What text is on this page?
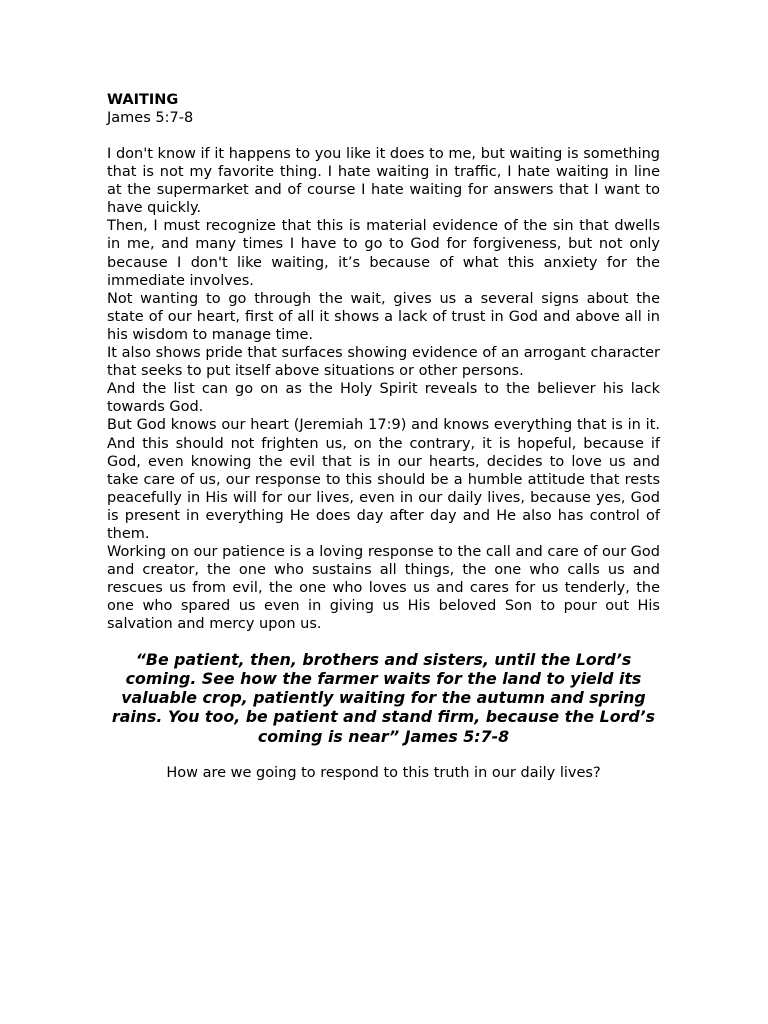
WAITING
James 5:7-8

I don't know if it happens to you like it does to me, but waiting is something that is not my favorite thing. I hate waiting in traffic, I hate waiting in line at the supermarket and of course I hate waiting for answers that I want to have quickly.

Then, I must recognize that this is material evidence of the sin that dwells in me, and many times I have to go to God for forgiveness, but not only because I don't like waiting, it’s because of what this anxiety for the immediate involves.

Not wanting to go through the wait, gives us a several signs about the state of our heart, first of all it shows a lack of trust in God and above all in his wisdom to manage time.

It also shows pride that surfaces showing evidence of an arrogant character that seeks to put itself above situations or other persons.

And the list can go on as the Holy Spirit reveals to the believer his lack towards God.

But God knows our heart (Jeremiah 17:9) and knows everything that is in it. And this should not frighten us, on the contrary, it is hopeful, because if God, even knowing the evil that is in our hearts, decides to love us and take care of us, our response to this should be a humble attitude that rests peacefully in His will for our lives, even in our daily lives, because yes, God is present in everything He does day after day and He also has control of them.

Working on our patience is a loving response to the call and care of our God and creator, the one who sustains all things, the one who calls us and rescues us from evil, the one who loves us and cares for us tenderly, the one who spared us even in giving us His beloved Son to pour out His salvation and mercy upon us.

“Be patient, then, brothers and sisters, until the Lord’s coming. See how the farmer waits for the land to yield its valuable crop, patiently waiting for the autumn and spring rains. You too, be patient and stand firm, because the Lord’s coming is near” James 5:7-8

How are we going to respond to this truth in our daily lives?
